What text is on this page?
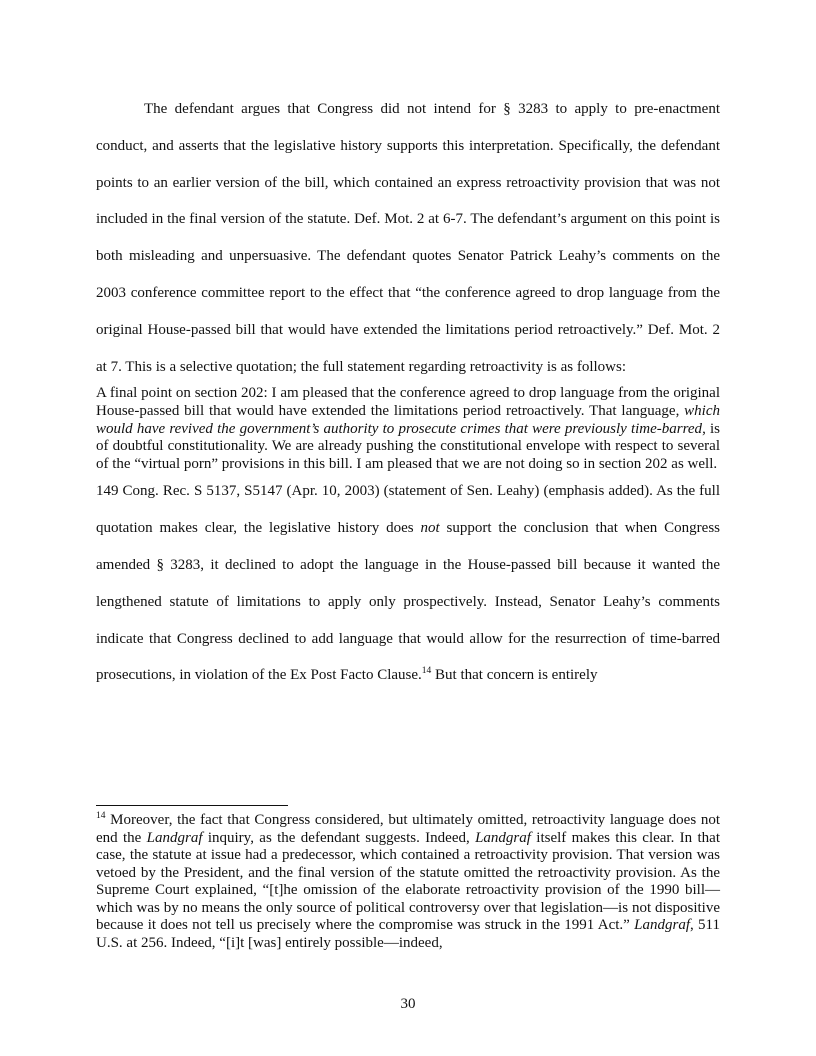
The defendant argues that Congress did not intend for § 3283 to apply to pre-enactment conduct, and asserts that the legislative history supports this interpretation. Specifically, the defendant points to an earlier version of the bill, which contained an express retroactivity provision that was not included in the final version of the statute. Def. Mot. 2 at 6-7. The defendant’s argument on this point is both misleading and unpersuasive. The defendant quotes Senator Patrick Leahy’s comments on the 2003 conference committee report to the effect that “the conference agreed to drop language from the original House-passed bill that would have extended the limitations period retroactively.” Def. Mot. 2 at 7. This is a selective quotation; the full statement regarding retroactivity is as follows:

A final point on section 202: I am pleased that the conference agreed to drop language from the original House-passed bill that would have extended the limitations period retroactively. That language, which would have revived the government’s authority to prosecute crimes that were previously time-barred, is of doubtful constitutionality. We are already pushing the constitutional envelope with respect to several of the “virtual porn” provisions in this bill. I am pleased that we are not doing so in section 202 as well.

149 Cong. Rec. S 5137, S5147 (Apr. 10, 2003) (statement of Sen. Leahy) (emphasis added). As the full quotation makes clear, the legislative history does not support the conclusion that when Congress amended § 3283, it declined to adopt the language in the House-passed bill because it wanted the lengthened statute of limitations to apply only prospectively. Instead, Senator Leahy’s comments indicate that Congress declined to add language that would allow for the resurrection of time-barred prosecutions, in violation of the Ex Post Facto Clause.$^{14}$ But that concern is entirely

$^{14}$ Moreover, the fact that Congress considered, but ultimately omitted, retroactivity language does not end the Landgraf inquiry, as the defendant suggests. Indeed, Landgraf itself makes this clear. In that case, the statute at issue had a predecessor, which contained a retroactivity provision. That version was vetoed by the President, and the final version of the statute omitted the retroactivity provision. As the Supreme Court explained, “[t]he omission of the elaborate retroactivity provision of the 1990 bill—which was by no means the only source of political controversy over that legislation—is not dispositive because it does not tell us precisely where the compromise was struck in the 1991 Act.” Landgraf, 511 U.S. at 256. Indeed, “[i]t [was] entirely possible—indeed,

30
